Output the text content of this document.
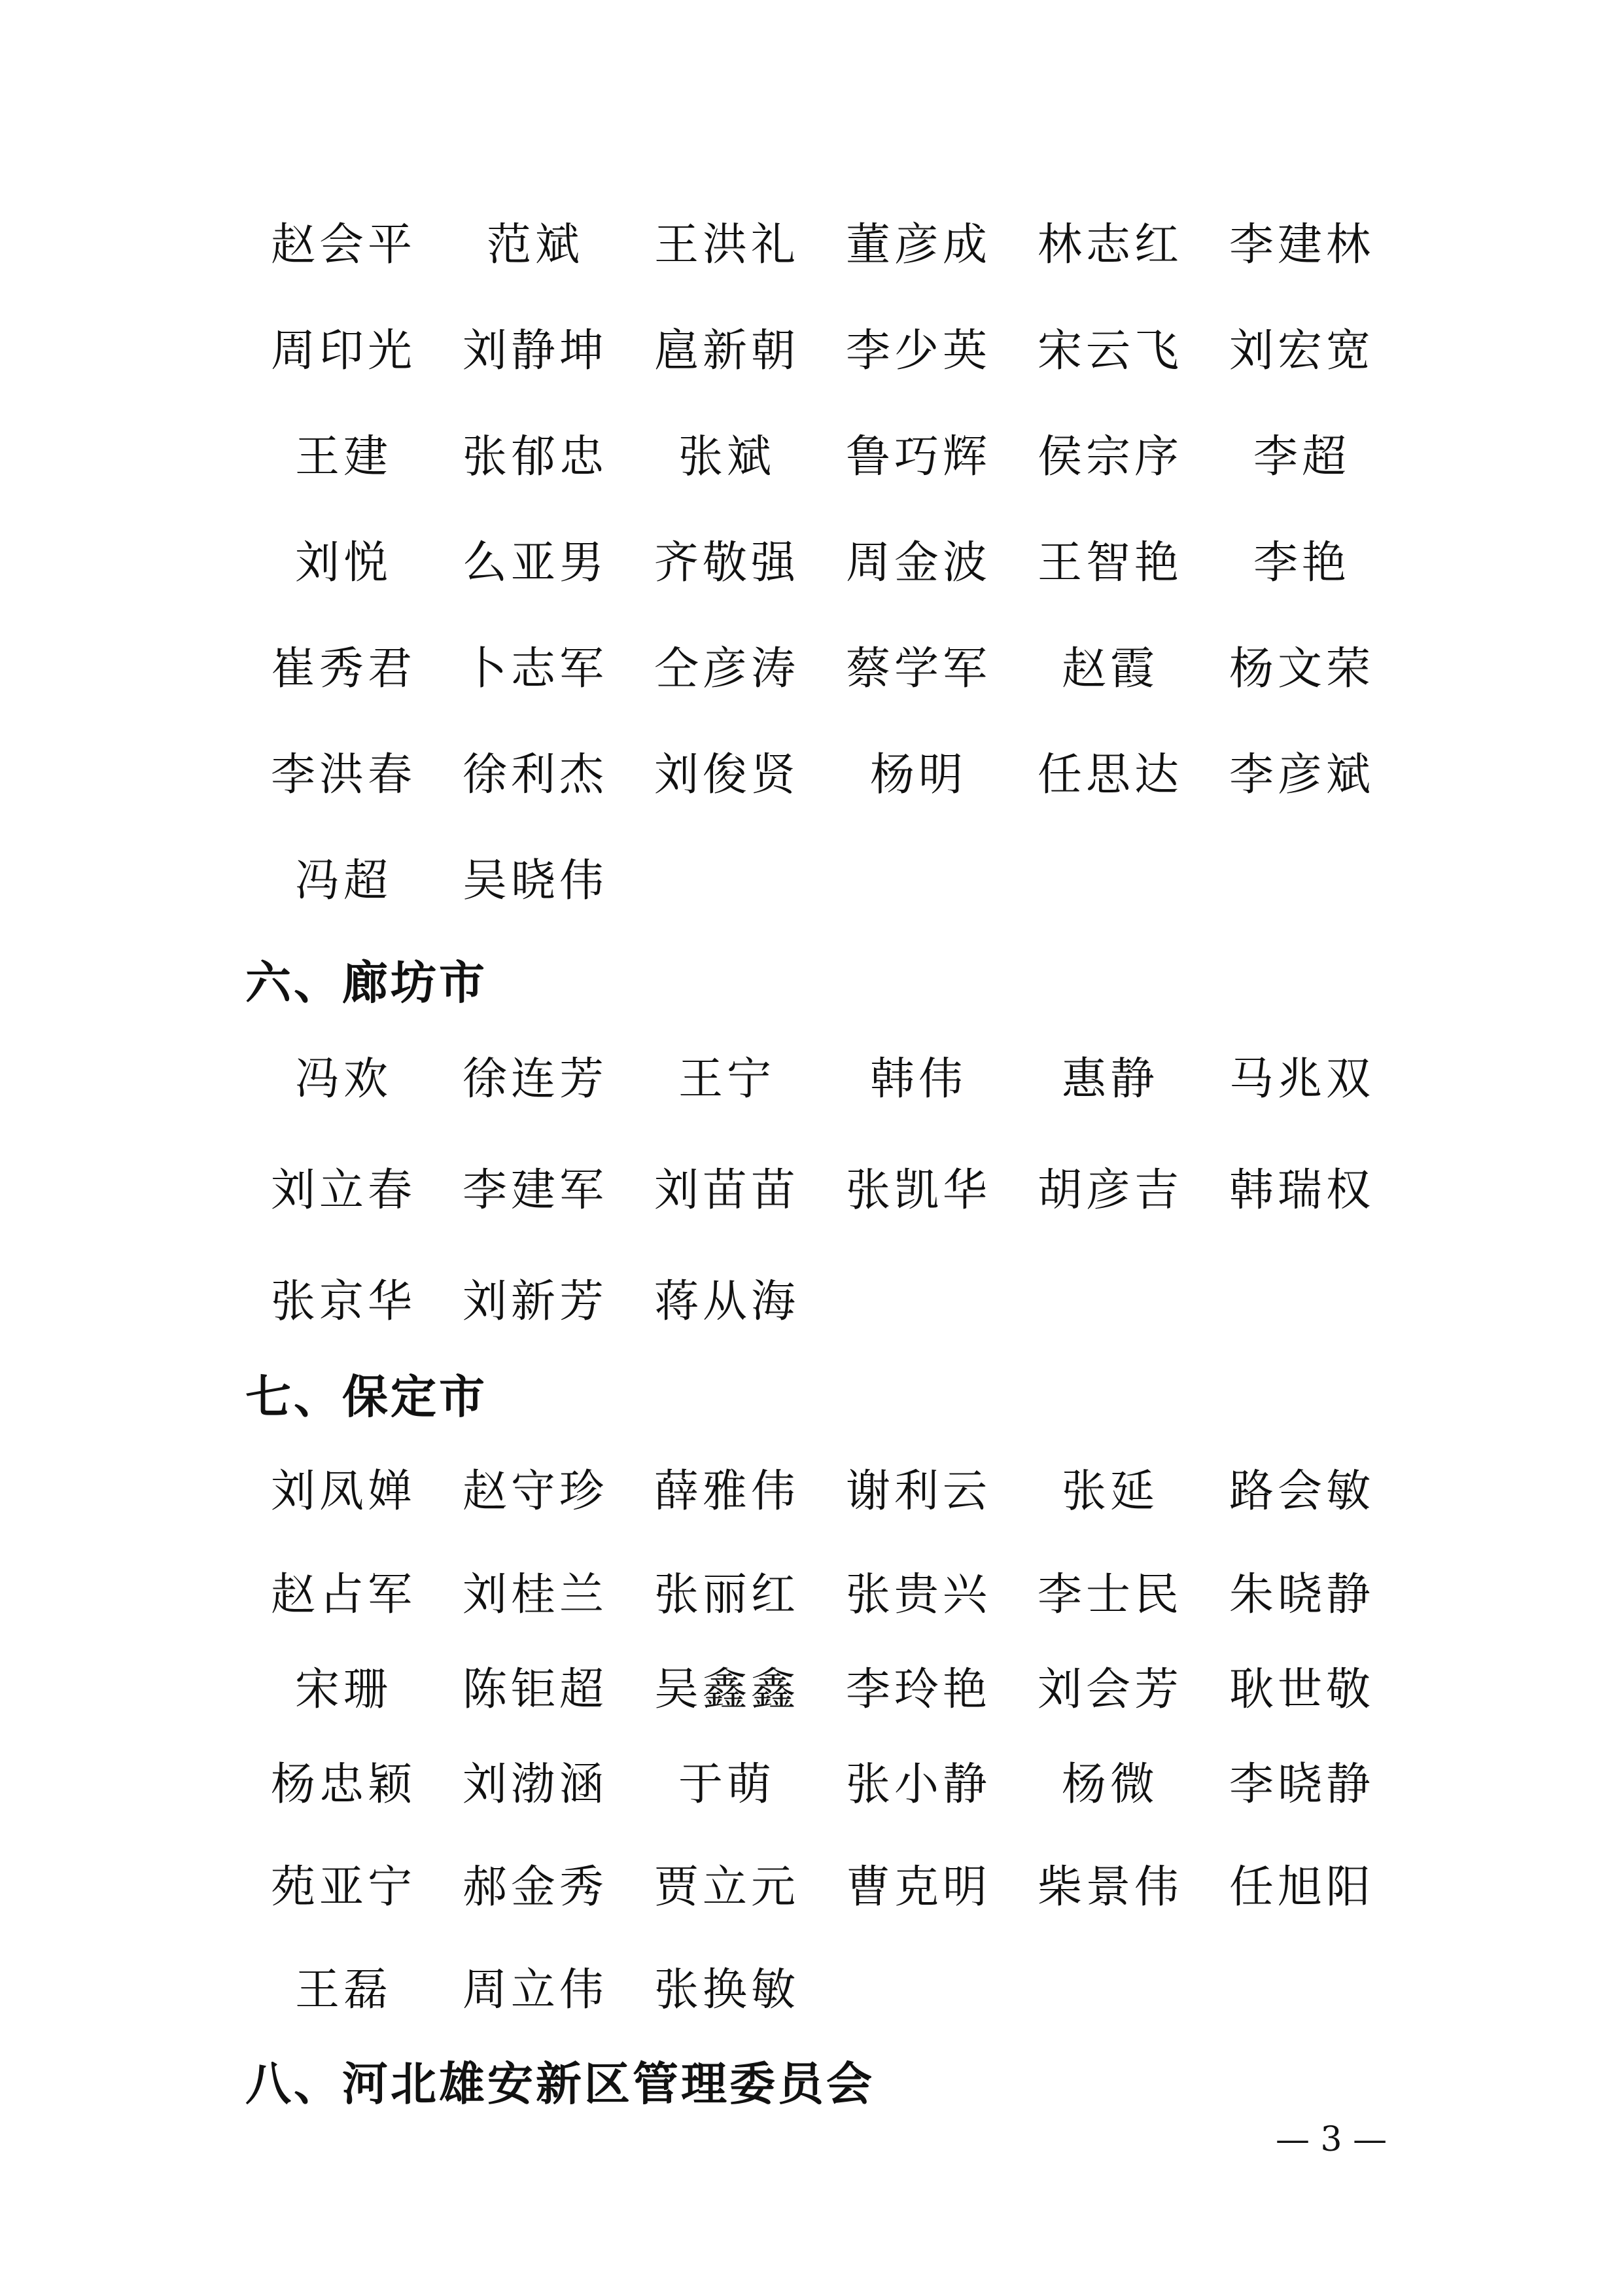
赵会平	范斌	王洪礼	董彦成	林志红	李建林
周印光	刘静坤	扈新朝	李少英	宋云飞	刘宏宽
王建	张郁忠	张斌	鲁巧辉	侯宗序	李超
刘悦	么亚男	齐敬强	周金波	王智艳	李艳
崔秀君	卜志军	仝彦涛	蔡学军	赵霞	杨文荣
李洪春	徐利杰	刘俊贤	杨明	任思达	李彦斌
冯超	吴晓伟
六、廊坊市
冯欢	徐连芳	王宁	韩伟	惠静	马兆双
刘立春	李建军	刘苗苗	张凯华	胡彦吉	韩瑞权
张京华	刘新芳	蒋从海
七、保定市
刘凤婵	赵守珍	薛雅伟	谢利云	张延	路会敏
赵占军	刘桂兰	张丽红	张贵兴	李士民	朱晓静
宋珊	陈钜超	吴鑫鑫	李玲艳	刘会芳	耿世敬
杨忠颖	刘渤涵	于萌	张小静	杨微	李晓静
苑亚宁	郝金秀	贾立元	曹克明	柴景伟	任旭阳
王磊	周立伟	张换敏
八、河北雄安新区管理委员会
— 3 —
